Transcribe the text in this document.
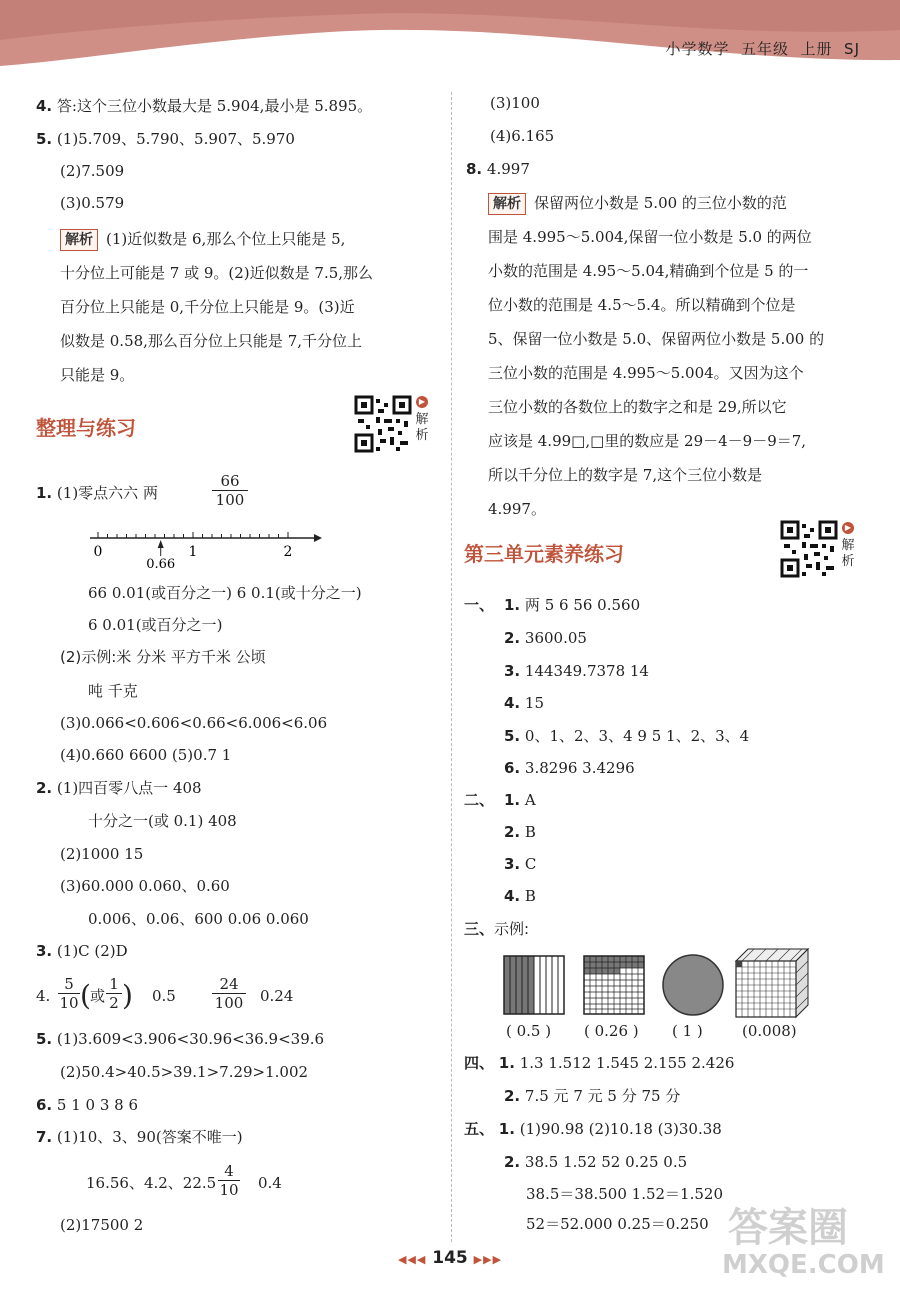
小学数学  五年级  上册  SJ
4. 答:这个三位小数最大是 5.904,最小是 5.895。
5. (1)5.709、5.790、5.907、5.970
(2)7.509
(3)0.579
解析 (1)近似数是 6,那么个位上只能是 5,
十分位上可能是 7 或 9。(2)近似数是 7.5,那么
百分位上只能是 0,千分位上只能是 9。(3)近
似数是 0.58,那么百分位上只能是 7,千分位上
只能是 9。
整理与练习
▶
解析
1. (1)零点六六 两	$\frac{66}{100}$
0	1	2
0.66
66 0.01(或百分之一) 6 0.1(或十分之一)
6 0.01(或百分之一)
(2)示例:米 分米 平方千米 公顷
吨 千克
(3)0.066<0.606<0.66<6.006<6.06
(4)0.660 6600 (5)0.7 1
2. (1)四百零八点一 408
十分之一(或 0.1) 408
(2)1000 15
(3)60.000 0.060、0.60
0.006、0.06、600 0.06 0.060
3. (1)C (2)D
4. $\frac{5}{10}$ ( 或 $\frac{1}{2}$ ) $0.5 \frac{24}{100} 0.24$
5. (1)3.609<3.906<30.96<36.9<39.6
(2)50.4>40.5>39.1>7.29>1.002
6. 5 1 0 3 8 6
7. (1)10、3、90(答案不唯一)
16.56、4.2、$22.5 \frac{4}{10} 0.4$
(2)17500 2
(3)100
(4)6.165
8. 4.997
解析 保留两位小数是 5.00 的三位小数的范
围是 4.995～5.004,保留一位小数是 5.0 的两位
小数的范围是 4.95～5.04,精确到个位是 5 的一
位小数的范围是 4.5～5.4。所以精确到个位是
5、保留一位小数是 5.0、保留两位小数是 5.00 的
三位小数的范围是 4.995～5.004。又因为这个
三位小数的各数位上的数字之和是 29,所以它
应该是 4.99□,□里的数应是 29－4－9－9＝7,
所以千分位上的数字是 7,这个三位小数是
4.997。
第三单元素养练习
▶
解析
一、 1. 两 5 6 56 0.560
2. 3600.05
3. 144349.7378 14
4. 15
5. 0、1、2、3、4 9 5 1、2、3、4
6. 3.8296 3.4296
二、 1. A
2. B
3. C
4. B
三、示例:
( 0.5 ) ( 0.26 ) ( 1 )	(0.008)
四、 1. 1.3 1.512 1.545 2.155 2.426
2. 7.5 元 7 元 5 分 75 分
五、 1. (1)90.98 (2)10.18 (3)30.38
2. 38.5 1.52 52 0.25 0.5
38.5＝38.500 1.52＝1.520
52＝52.000 0.25＝0.250 答案圈
MXQE.COM
◀◀◀ 145 ▶▶▶
